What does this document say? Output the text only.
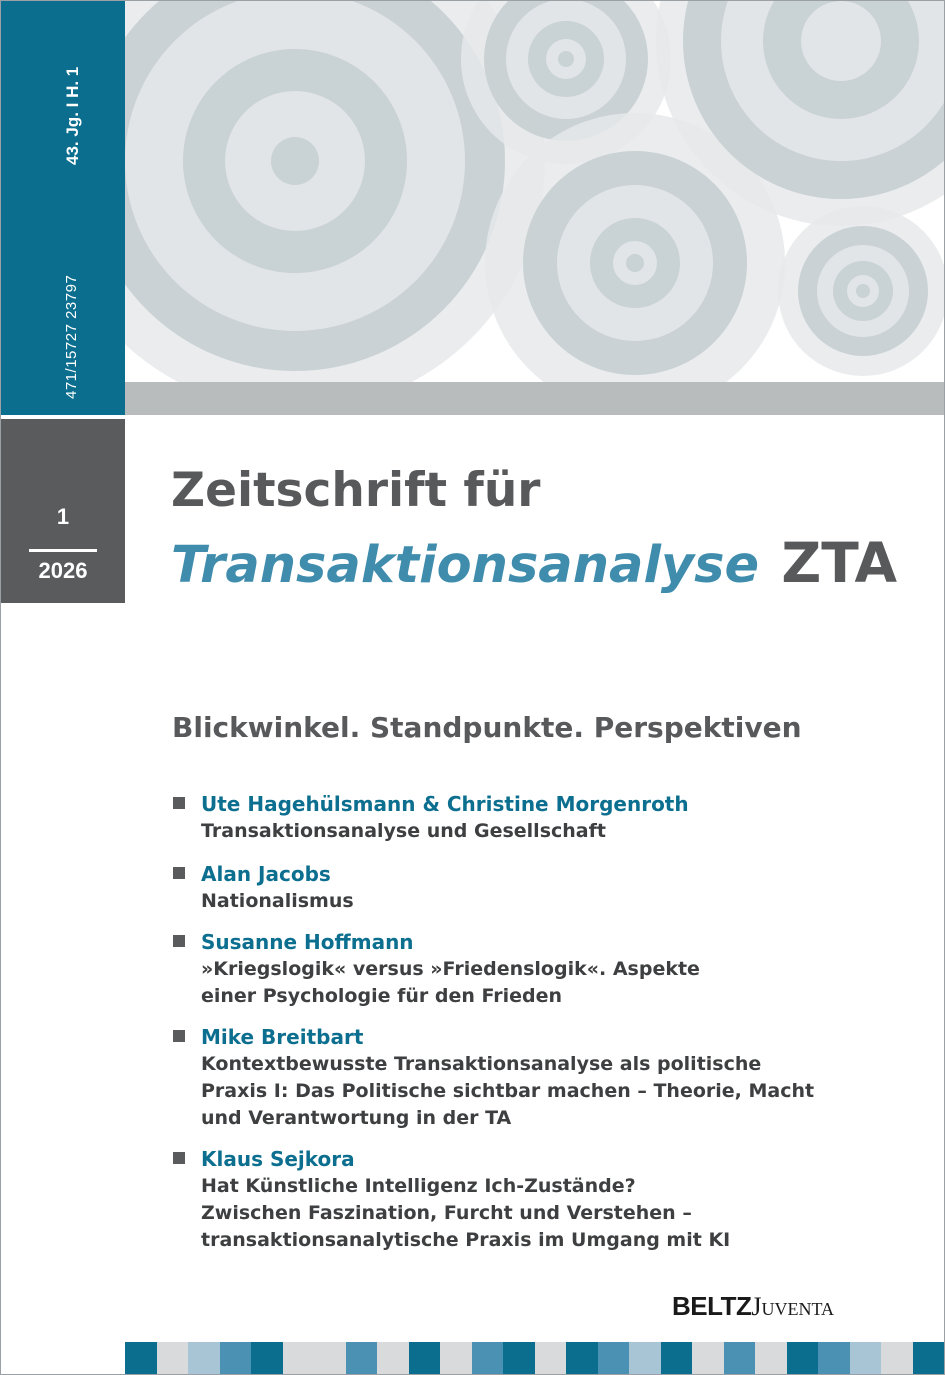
471/15727 23797
43. Jg. I H. 1
1
2026
Zeitschrift für
Transaktionsanalyse ZTA
Blickwinkel. Standpunkte. Perspektiven
Ute Hagehülsmann & Christine Morgenroth
Transaktionsanalyse und Gesellschaft
Alan Jacobs
Nationalismus
Susanne Hoffmann
»Kriegslogik« versus »Friedenslogik«. Aspekte
einer Psychologie für den Frieden
Mike Breitbart
Kontextbewusste Transaktionsanalyse als politische
Praxis I: Das Politische sichtbar machen – Theorie, Macht
und Verantwortung in der TA
Klaus Sejkora
Hat Künstliche Intelligenz Ich-Zustände?
Zwischen Faszination, Furcht und Verstehen –
transaktionsanalytische Praxis im Umgang mit KI
BELTZJuventa
